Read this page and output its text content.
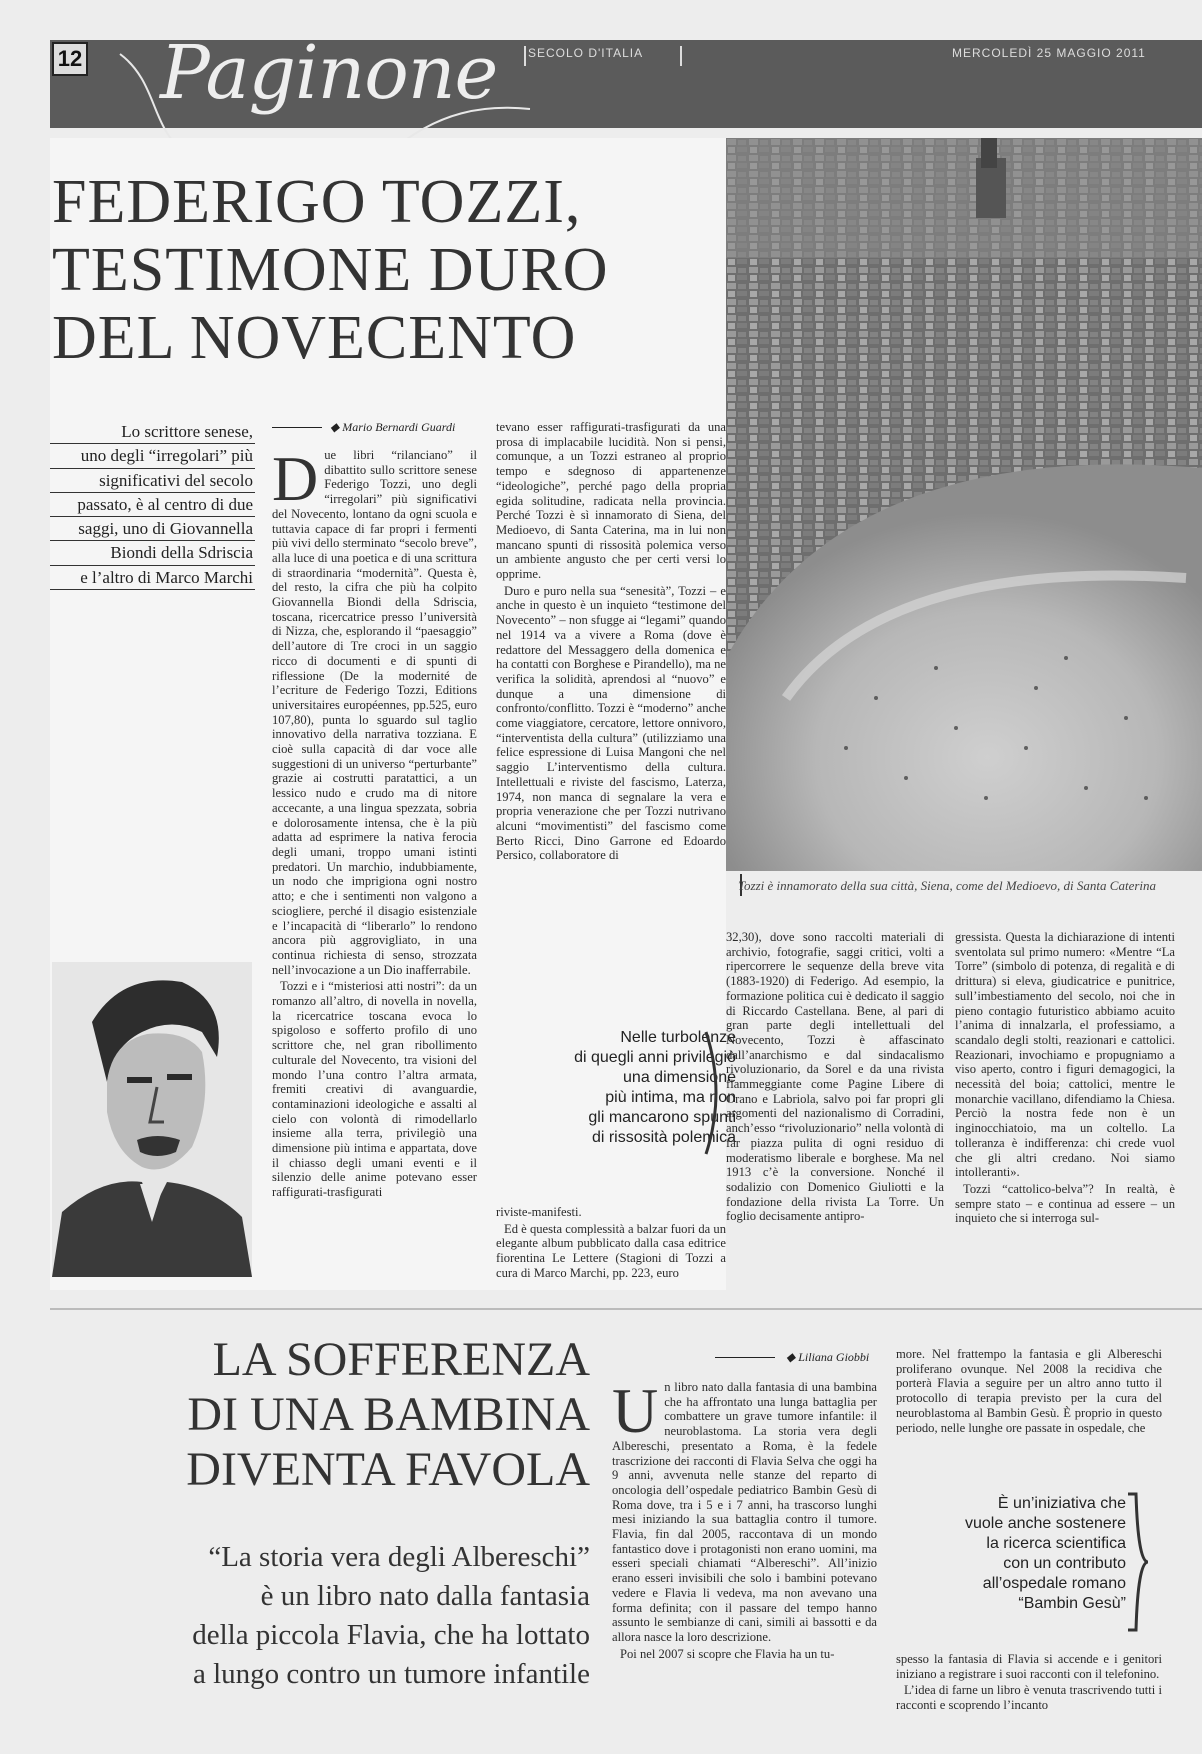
12 Paginone	SECOLO D'ITALIA	MERCOLEDÌ 25 MAGGIO 2011
FEDERIGO TOZZI,
TESTIMONE DURO
DEL NOVECENTO
Lo scrittore senese,
uno degli “irregolari” più
significativi del secolo
passato, è al centro di due
saggi, uno di Giovannella
Biondi della Sdriscia
e l’altro di Marco Marchi
◆ Mario Bernardi Guardi

Due libri “rilanciano” il dibattito sullo scrittore senese Federigo Tozzi, uno degli “irregolari” più significativi del Novecento, lontano da ogni scuola e tuttavia capace di far propri i fermenti più vivi dello sterminato “secolo breve”, alla luce di una poetica e di una scrittura di straordinaria “modernità”. Questa è, del resto, la cifra che più ha colpito Giovannella Biondi della Sdriscia, toscana, ricercatrice presso l’università di Nizza, che, esplorando il “paesaggio” dell’autore di Tre croci in un saggio ricco di documenti e di spunti di riflessione (De la modernité de l’ecriture de Federigo Tozzi, Editions universitaires européennes, pp.525, euro 107,80), punta lo sguardo sul taglio innovativo della narrativa tozziana. E cioè sulla capacità di dar voce alle suggestioni di un universo “perturbante” grazie ai costrutti paratattici, a un lessico nudo e crudo ma di nitore accecante, a una lingua spezzata, sobria e dolorosamente intensa, che è la più adatta ad esprimere la nativa ferocia degli umani, troppo umani istinti predatori. Un marchio, indubbiamente, un nodo che imprigiona ogni nostro atto; e che i sentimenti non valgono a sciogliere, perché il disagio esistenziale e l’incapacità di “liberarlo” lo rendono ancora più aggrovigliato, in una continua richiesta di senso, strozzata nell’invocazione a un Dio inafferrabile.

Tozzi e i “misteriosi atti nostri”: da un romanzo all’altro, di novella in novella, la ricercatrice toscana evoca lo spigoloso e sofferto profilo di uno scrittore che, nel gran ribollimento culturale del Novecento, tra visioni del mondo l’una contro l’altra armata, fremiti creativi di avanguardie, contaminazioni ideologiche e assalti al cielo con volontà di rimodellarlo insieme alla terra, privilegiò una dimensione più intima e appartata, dove il chiasso degli umani eventi e il silenzio delle anime potevano esser raffigurati-trasfigurati

tevano esser raffigurati-trasfigurati da una prosa di implacabile lucidità. Non si pensi, comunque, a un Tozzi estraneo al proprio tempo e sdegnoso di appartenenze “ideologiche”, perché pago della propria egida solitudine, radicata nella provincia. Perché Tozzi è sì innamorato di Siena, del Medioevo, di Santa Caterina, ma in lui non mancano spunti di rissosità polemica verso un ambiente angusto che per certi versi lo opprime.

Duro e puro nella sua “senesità”, Tozzi – e anche in questo è un inquieto “testimone del Novecento” – non sfugge ai “legami” quando nel 1914 va a vivere a Roma (dove è redattore del Messaggero della domenica e ha contatti con Borghese e Pirandello), ma ne verifica la solidità, aprendosi al “nuovo” e dunque a una dimensione di confronto/conflitto. Tozzi è “moderno” anche come viaggiatore, cercatore, lettore onnivoro, “interventista della cultura” (utilizziamo una felice espressione di Luisa Mangoni che nel saggio L’interventismo della cultura. Intellettuali e riviste del fascismo, Laterza, 1974, non manca di segnalare la vera e propria venerazione che per Tozzi nutrivano alcuni “movimentisti” del fascismo come Berto Ricci, Dino Garrone ed Edoardo Persico, collaboratore di

riviste-manifesti.

Ed è questa complessità a balzar fuori da un elegante album pubblicato dalla casa editrice fiorentina Le Lettere (Stagioni di Tozzi a cura di Marco Marchi, pp. 223, euro

Nelle turbolenze
di quegli anni privilegiò
una dimensione
più intima, ma non
gli mancarono spunti
di rissosità polemica

32,30), dove sono raccolti materiali di archivio, fotografie, saggi critici, volti a ripercorrere le sequenze della breve vita (1883-1920) di Federigo. Ad esempio, la formazione politica cui è dedicato il saggio di Riccardo Castellana. Bene, al pari di gran parte degli intellettuali del Novecento, Tozzi è affascinato dall’anarchismo e dal sindacalismo rivoluzionario, da Sorel e da una rivista fiammeggiante come Pagine Libere di Orano e Labriola, salvo poi far propri gli argomenti del nazionalismo di Corradini, anch’esso “rivoluzionario” nella volontà di far piazza pulita di ogni residuo di moderatismo liberale e borghese. Ma nel 1913 c’è la conversione. Nonché il sodalizio con Domenico Giuliotti e la fondazione della rivista La Torre. Un foglio decisamente antipro-

gressista. Questa la dichiarazione di intenti sventolata sul primo numero: «Mentre “La Torre” (simbolo di potenza, di regalità e di drittura) si eleva, giudicatrice e punitrice, sull’imbestiamento del secolo, noi che in pieno contagio futuristico abbiamo acuito l’anima di innalzarla, el professiamo, a scandalo degli stolti, reazionari e cattolici. Reazionari, invochiamo e propugniamo a viso aperto, contro i figuri demagogici, la necessità del boia; cattolici, mentre le monarchie vacillano, difendiamo la Chiesa. Perciò la nostra fede non è un inginocchiatoio, ma un coltello. La tolleranza è indifferenza: chi crede vuol che gli altri credano. Noi siamo intolleranti».

Tozzi “cattolico-belva”? In realtà, è sempre stato – e continua ad essere – un inquieto che si interroga sul-

Tozzi è innamorato della sua città, Siena, come del Medioevo, di Santa Caterina
LA SOFFERENZA
DI UNA BAMBINA
DIVENTA FAVOLA
“La storia vera degli Albereschi”
è un libro nato dalla fantasia
della piccola Flavia, che ha lottato
a lungo contro un tumore infantile
◆ Liliana Giobbi

Un libro nato dalla fantasia di una bambina che ha affrontato una lunga battaglia per combattere un grave tumore infantile: il neuroblastoma. La storia vera degli Albereschi, presentato a Roma, è la fedele trascrizione dei racconti di Flavia Selva che oggi ha 9 anni, avvenuta nelle stanze del reparto di oncologia dell’ospedale pediatrico Bambin Gesù di Roma dove, tra i 5 e i 7 anni, ha trascorso lunghi mesi iniziando la sua battaglia contro il tumore. Flavia, fin dal 2005, raccontava di un mondo fantastico dove i protagonisti non erano uomini, ma esseri speciali chiamati “Albereschi”. All’inizio erano esseri invisibili che solo i bambini potevano vedere e Flavia li vedeva, ma non avevano una forma definita; con il passare del tempo hanno assunto le sembianze di cani, simili ai bassotti e da allora nasce la loro descrizione.

Poi nel 2007 si scopre che Flavia ha un tu-

more. Nel frattempo la fantasia e gli Albereschi proliferano ovunque. Nel 2008 la recidiva che porterà Flavia a seguire per un altro anno tutto il protocollo di terapia previsto per la cura del neuroblastoma al Bambin Gesù. È proprio in questo periodo, nelle lunghe ore passate in ospedale, che

È un’iniziativa che
vuole anche sostenere
la ricerca scientifica
con un contributo
all’ospedale romano
“Bambin Gesù”

spesso la fantasia di Flavia si accende e i genitori iniziano a registrare i suoi racconti con il telefonino.

L’idea di farne un libro è venuta trascrivendo tutti i racconti e scoprendo l’incanto
